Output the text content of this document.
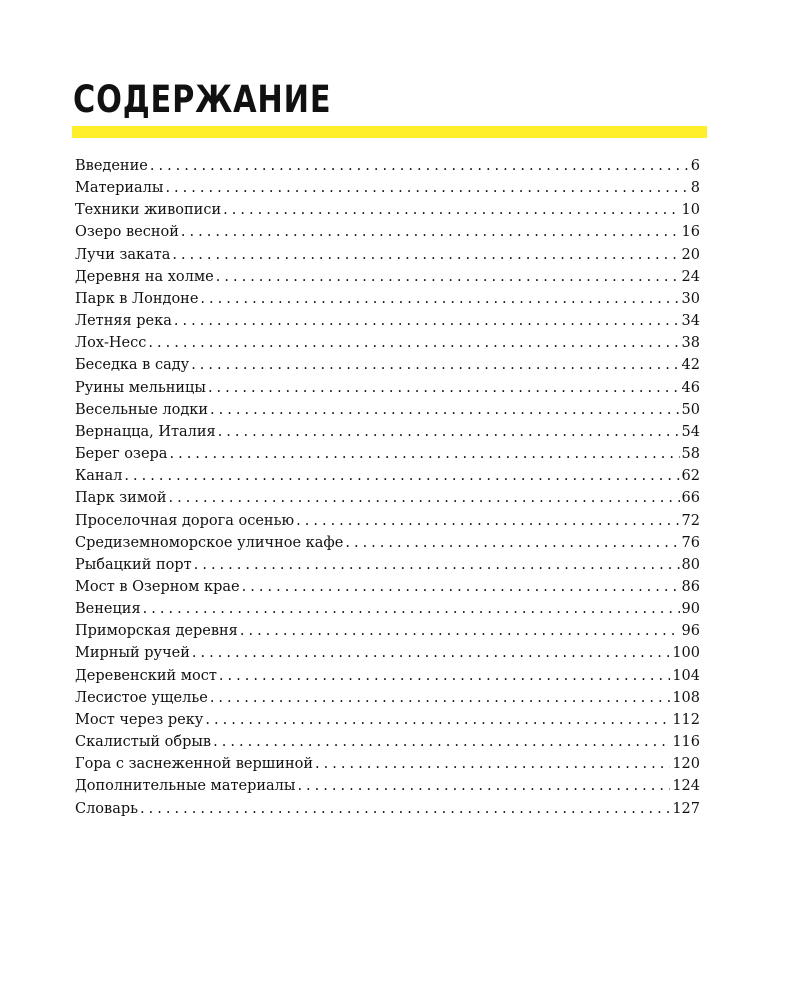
СОДЕРЖАНИЕ
Введение . . .	6
Материалы . . .	8
Техники живописи . . .	10
Озеро весной . . .	16
Лучи заката . . .	20
Деревня на холме . . .	24
Парк в Лондоне . . .	30
Летняя река . . .	34
Лох-Несс . . .	38
Беседка в саду . . .	42
Руины мельницы . . .	46
Весельные лодки . . .	50
Вернацца, Италия . . .	54
Берег озера . . .	58
Канал . . .	62
Парк зимой . . .	66
Проселочная дорога осенью . . .	72
Средиземноморское уличное кафе . . .	76
Рыбацкий порт . . .	80
Мост в Озерном крае . . .	86
Венеция . . .	90
Приморская деревня . . .	96
Мирный ручей . . .	100
Деревенский мост . . .	104
Лесистое ущелье . . .	108
Мост через реку . . .	112
Скалистый обрыв . . .	116
Гора с заснеженной вершиной . . .	120
Дополнительные материалы . . .	124
Словарь . . .	127
